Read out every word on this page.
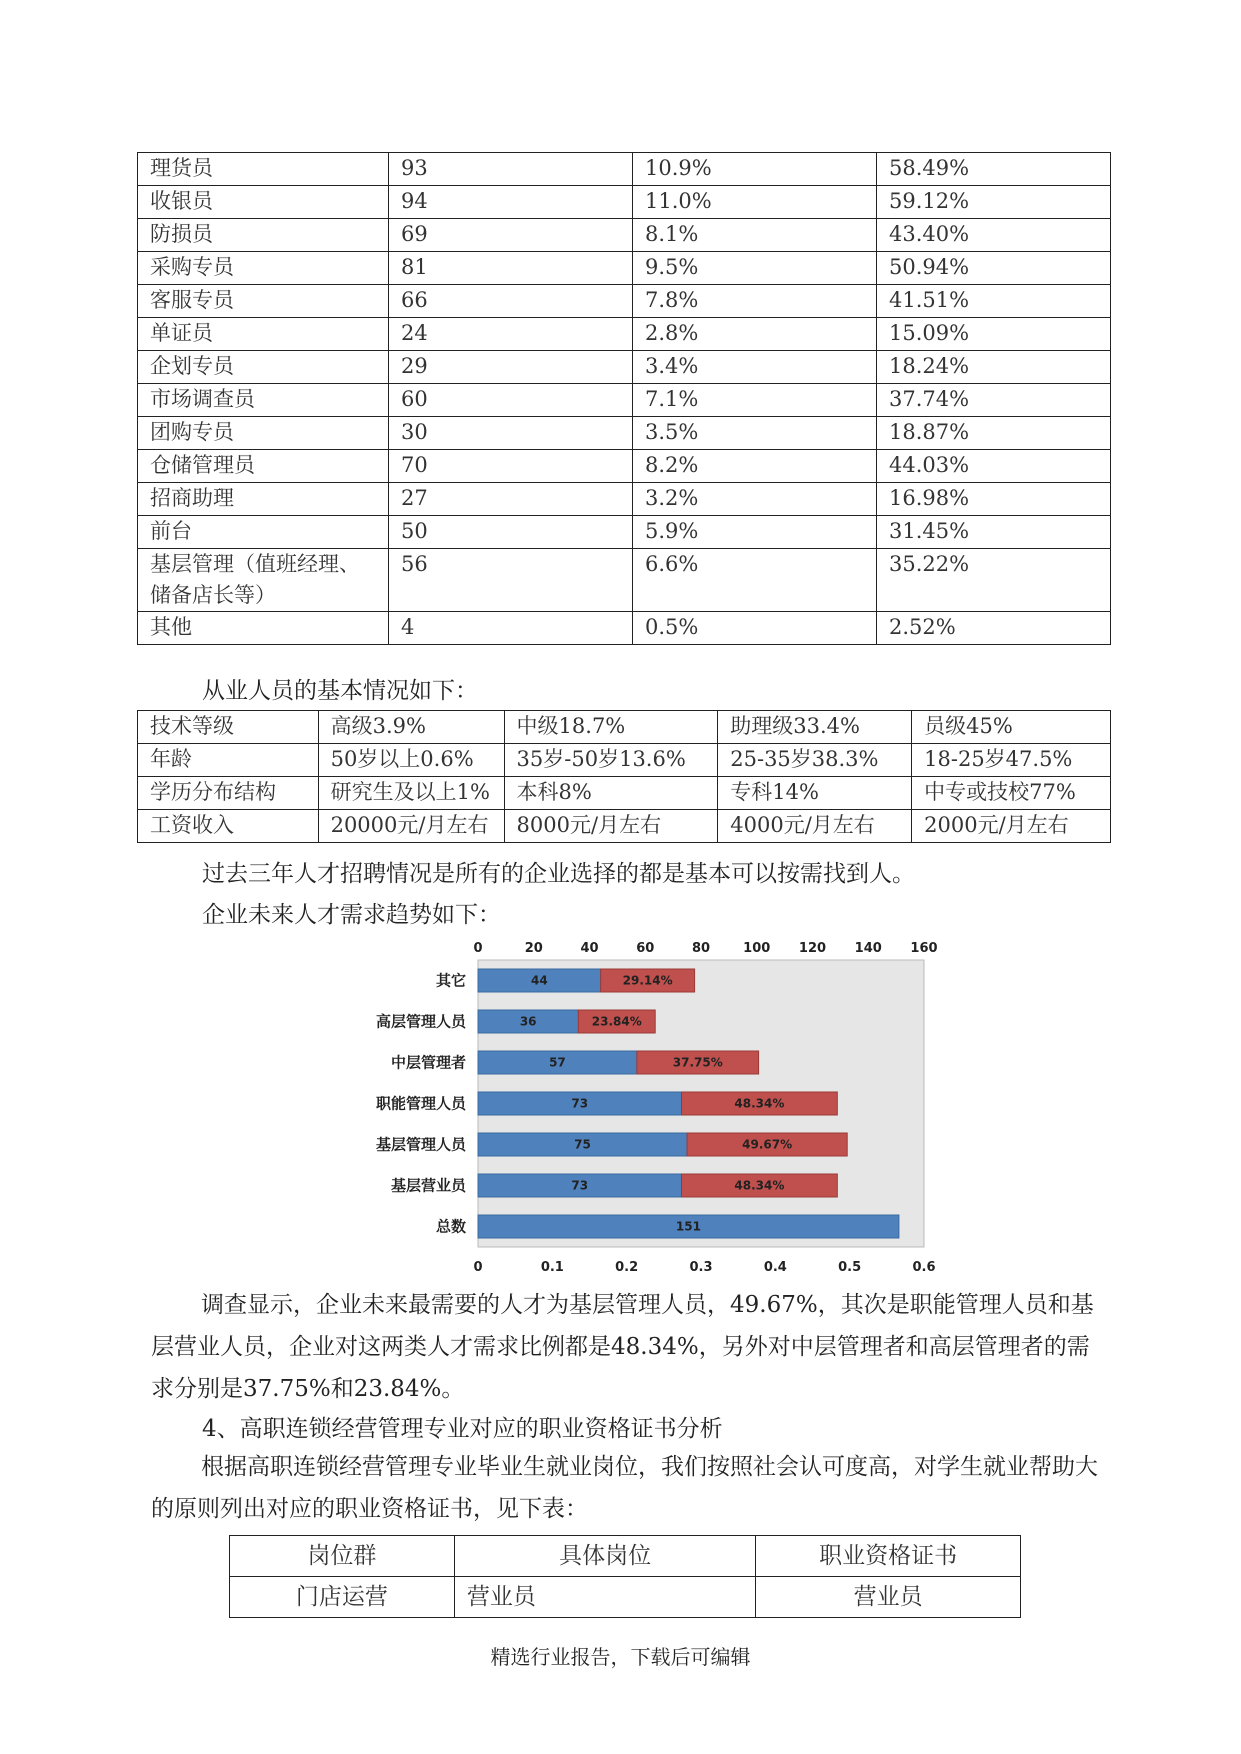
理货员	93	10.9%	58.49%
收银员	94	11.0%	59.12%
防损员	69	8.1%	43.40%
采购专员	81	9.5%	50.94%
客服专员	66	7.8%	41.51%
单证员	24	2.8%	15.09%
企划专员	29	3.4%	18.24%
市场调查员	60	7.1%	37.74%
团购专员	30	3.5%	18.87%
仓储管理员	70	8.2%	44.03%
招商助理	27	3.2%	16.98%
前台	50	5.9%	31.45%
基层管理（值班经理、储备店长等）	56	6.6%	35.22%
其他	4	0.5%	2.52%

从业人员的基本情况如下：

技术等级	高级3.9%	中级18.7%	助理级33.4%	员级45%
年龄	50岁以上0.6%	35岁-50岁13.6%	25-35岁38.3%	18-25岁47.5%
学历分布结构	研究生及以上1%	本科8%	专科14%	中专或技校77%
工资收入	20000元/月左右	8000元/月左右	4000元/月左右	2000元/月左右

过去三年人才招聘情况是所有的企业选择的都是基本可以按需找到人。

企业未来人才需求趋势如下：

0	20	40	60	80	100 120 140 160
0	0.1	0.2	0.3	0.4	0.5	0.6
其它	44	29.14%
高层管理人员	36	23.84%
中层管理者	57	37.75%
职能管理人员	73	48.34%
基层管理人员	75	49.67%
基层营业员	73	48.34%
总数	151

调查显示，企业未来最需要的人才为基层管理人员，49.67%，其次是职能管理人员和基层营业人员，企业对这两类人才需求比例都是48.34%，另外对中层管理者和高层管理者的需求分别是37.75%和23.84%。

4、高职连锁经营管理专业对应的职业资格证书分析

根据高职连锁经营管理专业毕业生就业岗位，我们按照社会认可度高，对学生就业帮助大的原则列出对应的职业资格证书，见下表：

岗位群	具体岗位	职业资格证书
门店运营	营业员	营业员
精选行业报告，下载后可编辑
